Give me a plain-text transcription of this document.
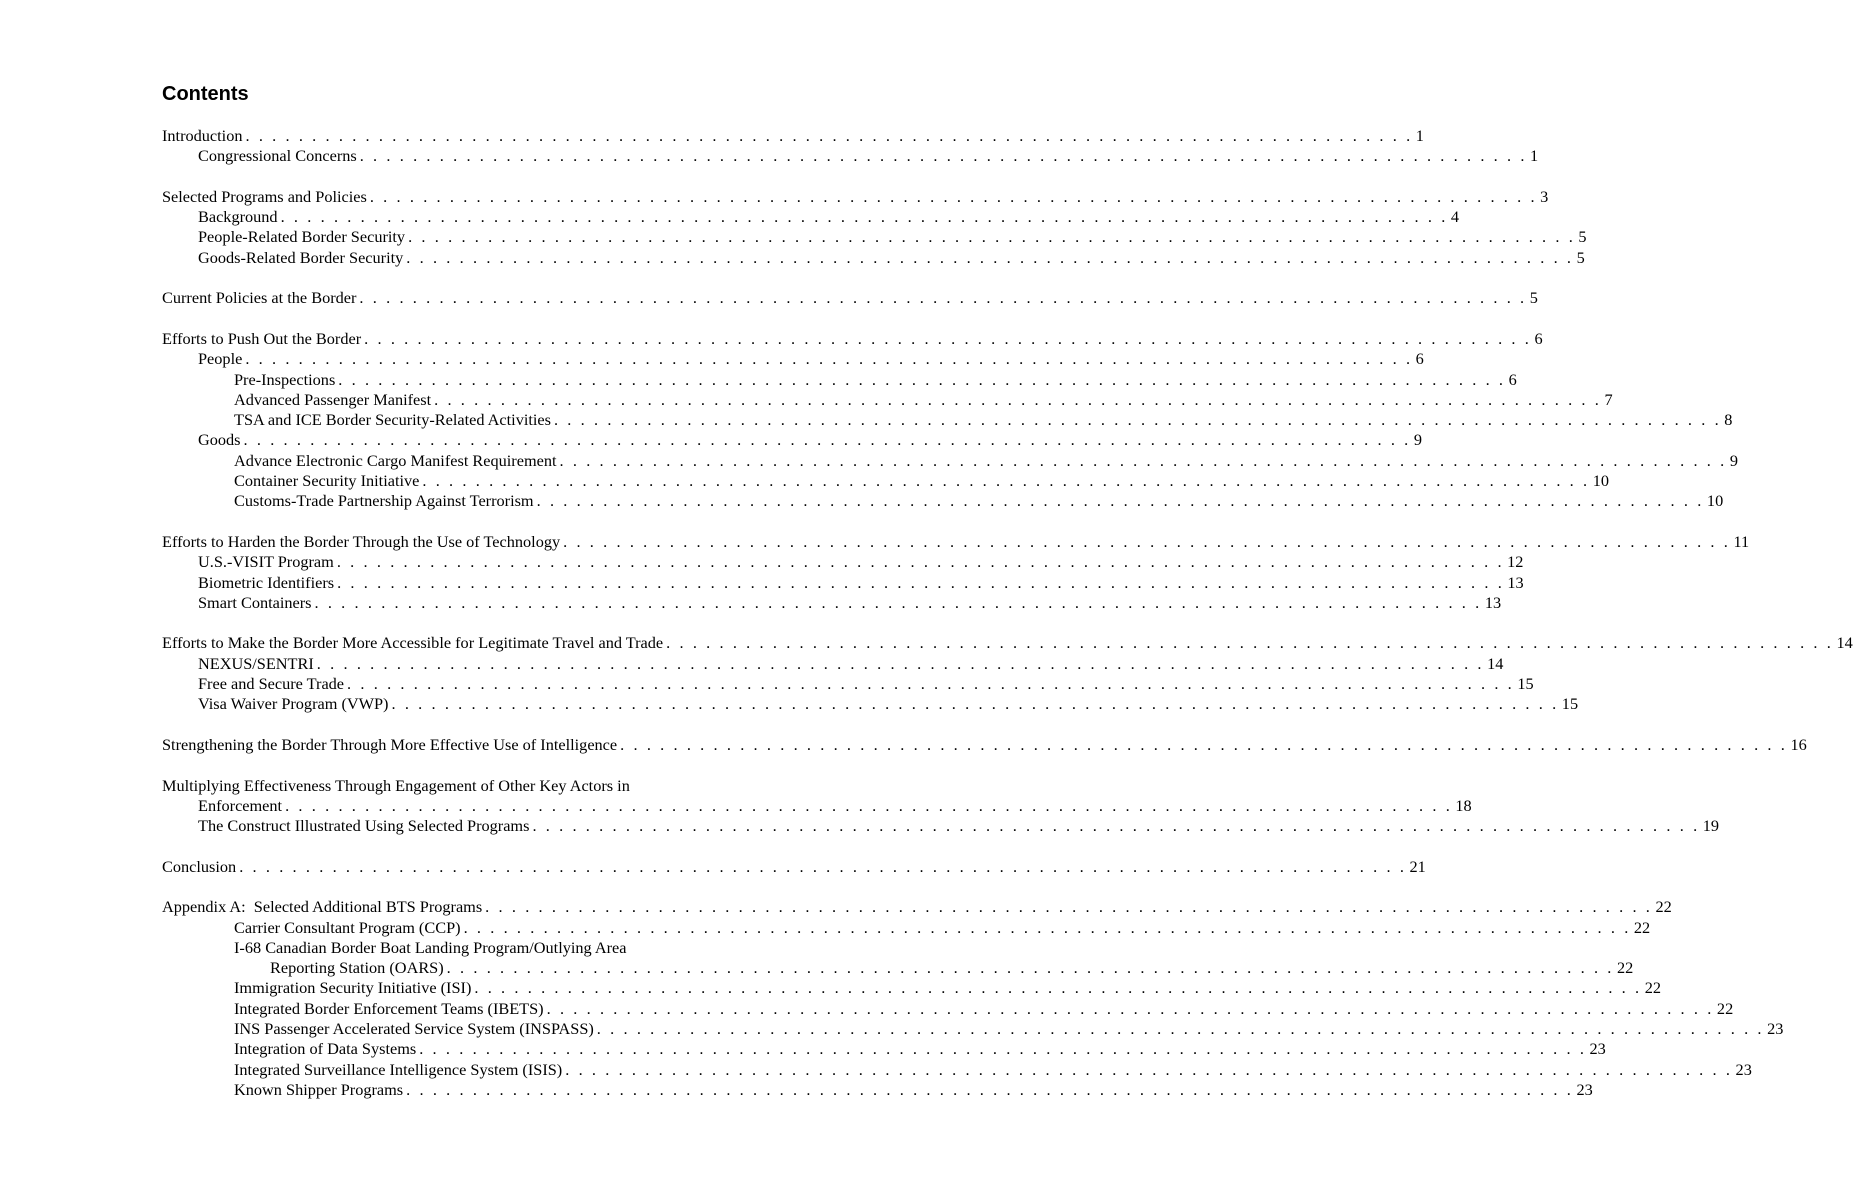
Contents
Introduction . . . . . . . . . . . . . . . . . . . . . . . . . . . . . . . . . . . . . . . . . . . . . . . . . . . . . . . . . . . . . . . . . . . . . . . . . . . . . . . . . . . . . . . . 1
Congressional Concerns . . . . . . . . . . . . . . . . . . . . . . . . . . . . . . . . . . . . . . . . . . . . . . . . . . . . . . . . . . . . . . . . . . . . . . . . . . . . . . . . . . . . . . . . 1
Selected Programs and Policies . . . . . . . . . . . . . . . . . . . . . . . . . . . . . . . . . . . . . . . . . . . . . . . . . . . . . . . . . . . . . . . . . . . . . . . . . . . . . . . . . . . . . . . . 3
Background . . . . . . . . . . . . . . . . . . . . . . . . . . . . . . . . . . . . . . . . . . . . . . . . . . . . . . . . . . . . . . . . . . . . . . . . . . . . . . . . . . . . . . . . 4
People-Related Border Security . . . . . . . . . . . . . . . . . . . . . . . . . . . . . . . . . . . . . . . . . . . . . . . . . . . . . . . . . . . . . . . . . . . . . . . . . . . . . . . . . . . . . . . . 5
Goods-Related Border Security . . . . . . . . . . . . . . . . . . . . . . . . . . . . . . . . . . . . . . . . . . . . . . . . . . . . . . . . . . . . . . . . . . . . . . . . . . . . . . . . . . . . . . . . 5
Current Policies at the Border . . . . . . . . . . . . . . . . . . . . . . . . . . . . . . . . . . . . . . . . . . . . . . . . . . . . . . . . . . . . . . . . . . . . . . . . . . . . . . . . . . . . . . . . 5
Efforts to Push Out the Border . . . . . . . . . . . . . . . . . . . . . . . . . . . . . . . . . . . . . . . . . . . . . . . . . . . . . . . . . . . . . . . . . . . . . . . . . . . . . . . . . . . . . . . . 6
People . . . . . . . . . . . . . . . . . . . . . . . . . . . . . . . . . . . . . . . . . . . . . . . . . . . . . . . . . . . . . . . . . . . . . . . . . . . . . . . . . . . . . . . . 6
Pre-Inspections . . . . . . . . . . . . . . . . . . . . . . . . . . . . . . . . . . . . . . . . . . . . . . . . . . . . . . . . . . . . . . . . . . . . . . . . . . . . . . . . . . . . . . . . 6
Advanced Passenger Manifest . . . . . . . . . . . . . . . . . . . . . . . . . . . . . . . . . . . . . . . . . . . . . . . . . . . . . . . . . . . . . . . . . . . . . . . . . . . . . . . . . . . . . . . . 7
TSA and ICE Border Security-Related Activities . . . . . . . . . . . . . . . . . . . . . . . . . . . . . . . . . . . . . . . . . . . . . . . . . . . . . . . . . . . . . . . . . . . . . . . . . . . . . . . . . . . . . . . . 8
Goods . . . . . . . . . . . . . . . . . . . . . . . . . . . . . . . . . . . . . . . . . . . . . . . . . . . . . . . . . . . . . . . . . . . . . . . . . . . . . . . . . . . . . . . . 9
Advance Electronic Cargo Manifest Requirement . . . . . . . . . . . . . . . . . . . . . . . . . . . . . . . . . . . . . . . . . . . . . . . . . . . . . . . . . . . . . . . . . . . . . . . . . . . . . . . . . . . . . . . . 9
Container Security Initiative . . . . . . . . . . . . . . . . . . . . . . . . . . . . . . . . . . . . . . . . . . . . . . . . . . . . . . . . . . . . . . . . . . . . . . . . . . . . . . . . . . . . . . . . 10
Customs-Trade Partnership Against Terrorism . . . . . . . . . . . . . . . . . . . . . . . . . . . . . . . . . . . . . . . . . . . . . . . . . . . . . . . . . . . . . . . . . . . . . . . . . . . . . . . . . . . . . . . . 10
Efforts to Harden the Border Through the Use of Technology . . . . . . . . . . . . . . . . . . . . . . . . . . . . . . . . . . . . . . . . . . . . . . . . . . . . . . . . . . . . . . . . . . . . . . . . . . . . . . . . . . . . . . . . 11
U.S.-VISIT Program . . . . . . . . . . . . . . . . . . . . . . . . . . . . . . . . . . . . . . . . . . . . . . . . . . . . . . . . . . . . . . . . . . . . . . . . . . . . . . . . . . . . . . . . 12
Biometric Identifiers . . . . . . . . . . . . . . . . . . . . . . . . . . . . . . . . . . . . . . . . . . . . . . . . . . . . . . . . . . . . . . . . . . . . . . . . . . . . . . . . . . . . . . . . 13
Smart Containers . . . . . . . . . . . . . . . . . . . . . . . . . . . . . . . . . . . . . . . . . . . . . . . . . . . . . . . . . . . . . . . . . . . . . . . . . . . . . . . . . . . . . . . . 13
Efforts to Make the Border More Accessible for Legitimate Travel and Trade . . . . . . . . . . . . . . . . . . . . . . . . . . . . . . . . . . . . . . . . . . . . . . . . . . . . . . . . . . . . . . . . . . . . . . . . . . . . . . . . . . . . . . . . 14
NEXUS/SENTRI . . . . . . . . . . . . . . . . . . . . . . . . . . . . . . . . . . . . . . . . . . . . . . . . . . . . . . . . . . . . . . . . . . . . . . . . . . . . . . . . . . . . . . . . 14
Free and Secure Trade . . . . . . . . . . . . . . . . . . . . . . . . . . . . . . . . . . . . . . . . . . . . . . . . . . . . . . . . . . . . . . . . . . . . . . . . . . . . . . . . . . . . . . . . 15
Visa Waiver Program (VWP) . . . . . . . . . . . . . . . . . . . . . . . . . . . . . . . . . . . . . . . . . . . . . . . . . . . . . . . . . . . . . . . . . . . . . . . . . . . . . . . . . . . . . . . . 15
Strengthening the Border Through More Effective Use of Intelligence . . . . . . . . . . . . . . . . . . . . . . . . . . . . . . . . . . . . . . . . . . . . . . . . . . . . . . . . . . . . . . . . . . . . . . . . . . . . . . . . . . . . . . . . 16
Multiplying Effectiveness Through Engagement of Other Key Actors in
Enforcement . . . . . . . . . . . . . . . . . . . . . . . . . . . . . . . . . . . . . . . . . . . . . . . . . . . . . . . . . . . . . . . . . . . . . . . . . . . . . . . . . . . . . . . . 18
The Construct Illustrated Using Selected Programs . . . . . . . . . . . . . . . . . . . . . . . . . . . . . . . . . . . . . . . . . . . . . . . . . . . . . . . . . . . . . . . . . . . . . . . . . . . . . . . . . . . . . . . . 19
Conclusion . . . . . . . . . . . . . . . . . . . . . . . . . . . . . . . . . . . . . . . . . . . . . . . . . . . . . . . . . . . . . . . . . . . . . . . . . . . . . . . . . . . . . . . . 21
Appendix A:  Selected Additional BTS Programs . . . . . . . . . . . . . . . . . . . . . . . . . . . . . . . . . . . . . . . . . . . . . . . . . . . . . . . . . . . . . . . . . . . . . . . . . . . . . . . . . . . . . . . . 22
Carrier Consultant Program (CCP) . . . . . . . . . . . . . . . . . . . . . . . . . . . . . . . . . . . . . . . . . . . . . . . . . . . . . . . . . . . . . . . . . . . . . . . . . . . . . . . . . . . . . . . . 22
I-68 Canadian Border Boat Landing Program/Outlying Area
Reporting Station (OARS) . . . . . . . . . . . . . . . . . . . . . . . . . . . . . . . . . . . . . . . . . . . . . . . . . . . . . . . . . . . . . . . . . . . . . . . . . . . . . . . . . . . . . . . . 22
Immigration Security Initiative (ISI) . . . . . . . . . . . . . . . . . . . . . . . . . . . . . . . . . . . . . . . . . . . . . . . . . . . . . . . . . . . . . . . . . . . . . . . . . . . . . . . . . . . . . . . . 22
Integrated Border Enforcement Teams (IBETS) . . . . . . . . . . . . . . . . . . . . . . . . . . . . . . . . . . . . . . . . . . . . . . . . . . . . . . . . . . . . . . . . . . . . . . . . . . . . . . . . . . . . . . . . 22
INS Passenger Accelerated Service System (INSPASS) . . . . . . . . . . . . . . . . . . . . . . . . . . . . . . . . . . . . . . . . . . . . . . . . . . . . . . . . . . . . . . . . . . . . . . . . . . . . . . . . . . . . . . . . 23
Integration of Data Systems . . . . . . . . . . . . . . . . . . . . . . . . . . . . . . . . . . . . . . . . . . . . . . . . . . . . . . . . . . . . . . . . . . . . . . . . . . . . . . . . . . . . . . . . 23
Integrated Surveillance Intelligence System (ISIS) . . . . . . . . . . . . . . . . . . . . . . . . . . . . . . . . . . . . . . . . . . . . . . . . . . . . . . . . . . . . . . . . . . . . . . . . . . . . . . . . . . . . . . . . 23
Known Shipper Programs . . . . . . . . . . . . . . . . . . . . . . . . . . . . . . . . . . . . . . . . . . . . . . . . . . . . . . . . . . . . . . . . . . . . . . . . . . . . . . . . . . . . . . . . 23
